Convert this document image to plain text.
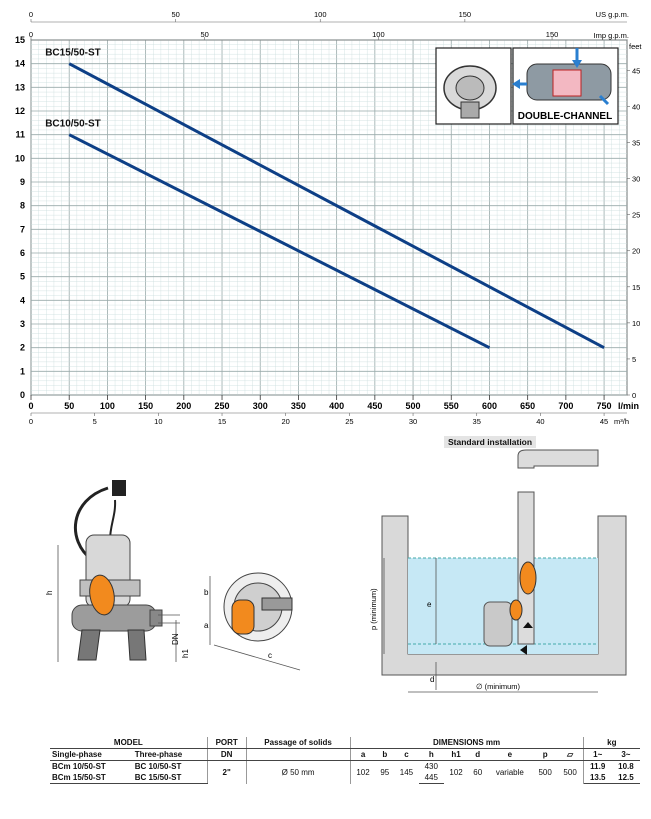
0
1
2
3
4
5
6
7
8
9
10
11
12
13
14
15
0	50	100	150	200	250	300	350	400	450	500	550	600	650	700	750 l/min
0	5	10	15	20	25	30	35	40	45 m³/h
0	50	100	150	US g.p.m.
0	50	100	150	Imp g.p.m.
0
5
10
15
20
25
30
35
40
45
feet
BC15/50-ST
BC10/50-ST
DOUBLE-CHANNEL
h
h1
DN
a
b
c
p (minimum)	e
d
∅ (minimum)
Standard installation
MODEL		PORT	Passage of solids	DIMENSIONS mm									kg	
Single-phase	Three-phase	DN		a	b	c	h	h1	d	e	p	▱	1~	3~
BCm 10/50-ST	BC 10/50-ST	2"	Ø 50 mm	102	95	145	430	102	60	variable	500	500	11.9	10.8
BCm 15/50-ST	BC 15/50-ST						445						13.5	12.5
